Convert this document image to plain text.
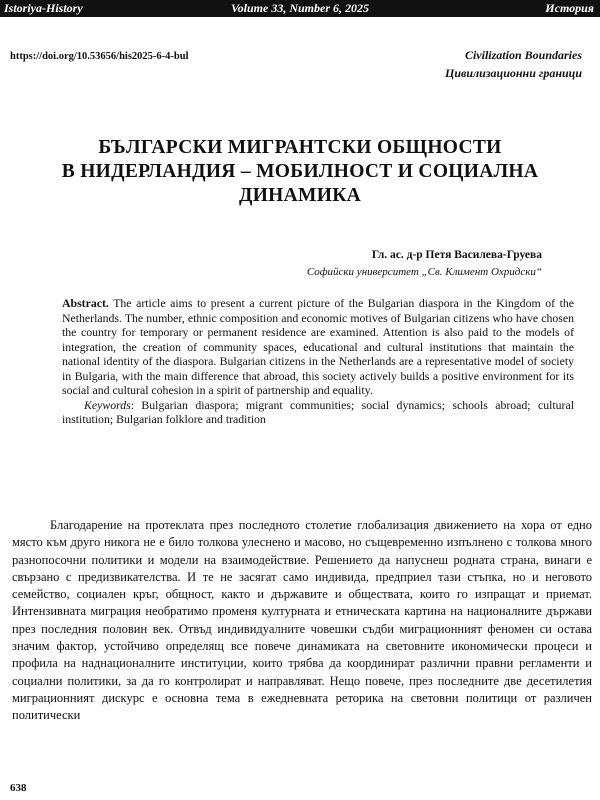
Istoriya-History	Volume 33, Number 6, 2025	История
https://doi.org/10.53656/his2025-6-4-bul	Civilization Boundaries
Цивилизационни граници
БЪЛГАРСКИ МИГРАНТСКИ ОБЩНОСТИ
В НИДЕРЛАНДИЯ – МОБИЛНОСТ И СОЦИАЛНА
ДИНАМИКА
Гл. ас. д-р Петя Василева-Груева
Софийски университет „Св. Климент Охридски“

Abstract. The article aims to present a current picture of the Bulgarian diaspora in the Kingdom of the Netherlands. The number, ethnic composition and economic motives of Bulgarian citizens who have chosen the country for temporary or permanent residence are examined. Attention is also paid to the models of integration, the creation of community spaces, educational and cultural institutions that maintain the national identity of the diaspora. Bulgarian citizens in the Netherlands are a representative model of society in Bulgaria, with the main difference that abroad, this society actively builds a positive environment for its social and cultural cohesion in a spirit of partnership and equality.

Keywords: Bulgarian diaspora; migrant communities; social dynamics; schools abroad; cultural institution; Bulgarian folklore and tradition

Благодарение на протеклата през последното столетие глобализация движението на хора от едно място към друго никога не е било толкова улеснено и масово, но същевременно изпълнено с толкова много разнопосочни политики и модели на взаимодействие. Решението да напуснеш родната страна, винаги е свързано с предизвикателства. И те не засягат само индивида, предприел тази стъпка, но и неговото семейство, социален кръг, общност, както и държавите и обществата, които го изпращат и приемат. Интензивната миграция необратимо променя културната и етническата картина на националните държави през последния половин век. Отвъд индивидуалните човешки съдби миграционният феномен си остава значим фактор, устойчиво определящ все повече динамиката на световните икономически процеси и профила на наднационалните институции, които трябва да координират различни правни регламенти и социални политики, за да го контролират и направляват. Нещо повече, през последните две десетилетия миграционният дискурс е основна тема в ежедневната реторика на световни политици от различен политически

638
